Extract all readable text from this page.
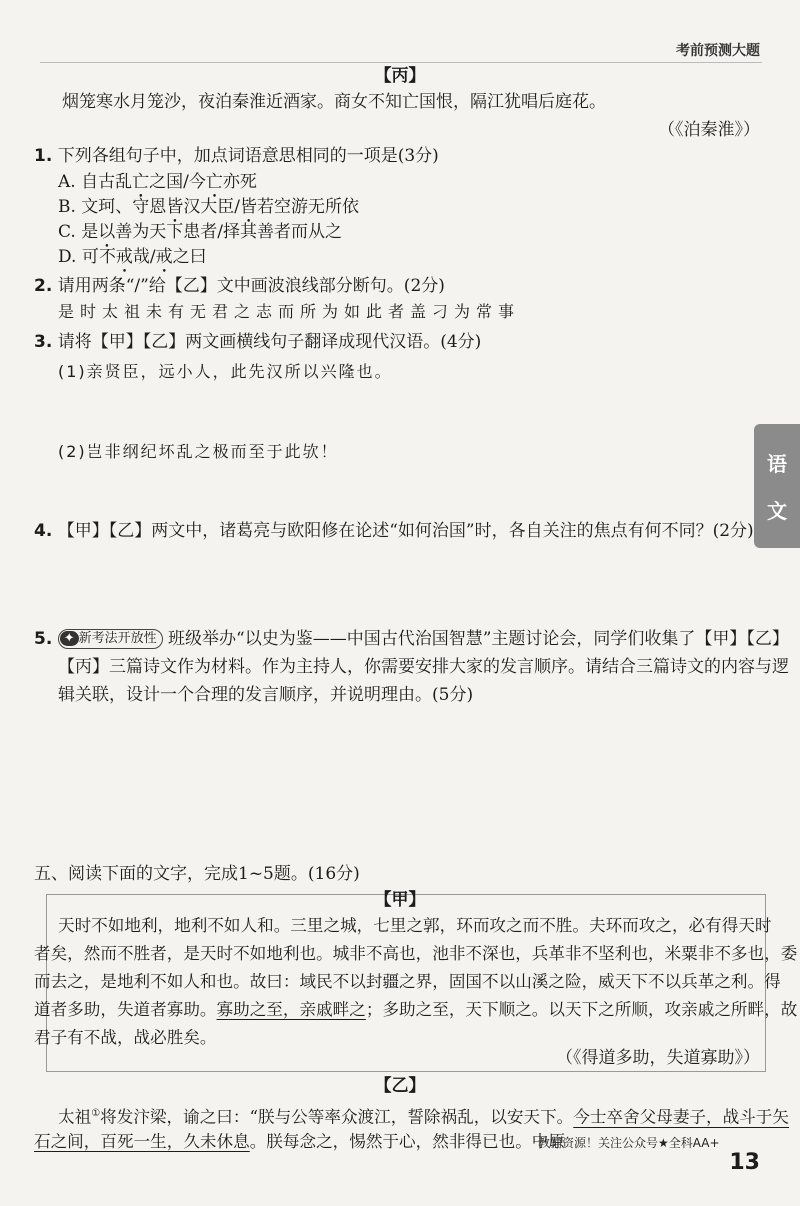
考前预测大题
语
文
【丙】
烟笼寒水月笼沙，夜泊秦淮近酒家。商女不知亡国恨，隔江犹唱后庭花。
（《泊秦淮》）
1. 下列各组句子中，加点词语意思相同的一项是(3分)
A. 自古乱亡之国/今亡亦死
B. 文珂、守恩皆汉大臣/皆若空游无所依
C. 是以善为天下患者/择其善者而从之
D. 可不戒哉/戒之曰
2. 请用两条“/”给【乙】文中画波浪线部分断句。(2分)
是时太祖未有无君之志而所为如此者盖刁为常事
3. 请将【甲】【乙】两文画横线句子翻译成现代汉语。(4分)
(1)亲贤臣，远小人，此先汉所以兴隆也。
(2)岂非纲纪坏乱之极而至于此欤！
4. 【甲】【乙】两文中，诸葛亮与欧阳修在论述“如何治国”时，各自关注的焦点有何不同？(2分)
5. ✦ 新考法开放性 班级举办“以史为鉴——中国古代治国智慧”主题讨论会，同学们收集了【甲】【乙】
【丙】三篇诗文作为材料。作为主持人，你需要安排大家的发言顺序。请结合三篇诗文的内容与逻
辑关联，设计一个合理的发言顺序，并说明理由。(5分)
五、阅读下面的文字，完成1~5题。(16分)
【甲】
天时不如地利，地利不如人和。三里之城，七里之郭，环而攻之而不胜。夫环而攻之，必有得天时
者矣，然而不胜者，是天时不如地利也。城非不高也，池非不深也，兵革非不坚利也，米粟非不多也，委
而去之，是地利不如人和也。故曰：域民不以封疆之界，固国不以山溪之险，威天下不以兵革之利。得
道者多助，失道者寡助。寡助之至，亲戚畔之；多助之至，天下顺之。以天下之所顺，攻亲戚之所畔，故
君子有不战，战必胜矣。
（《得道多助，失道寡助》）
【乙】
太祖①将发汴梁，谕之曰：“朕与公等率众渡江，誓除祸乱，以安天下。今士卒舍父母妻子，战斗于矢
石之间，百死一生，久未休息。朕每念之，惕然于心，然非得已也。中原
教辅资源！关注公众号★全科AA+
13
